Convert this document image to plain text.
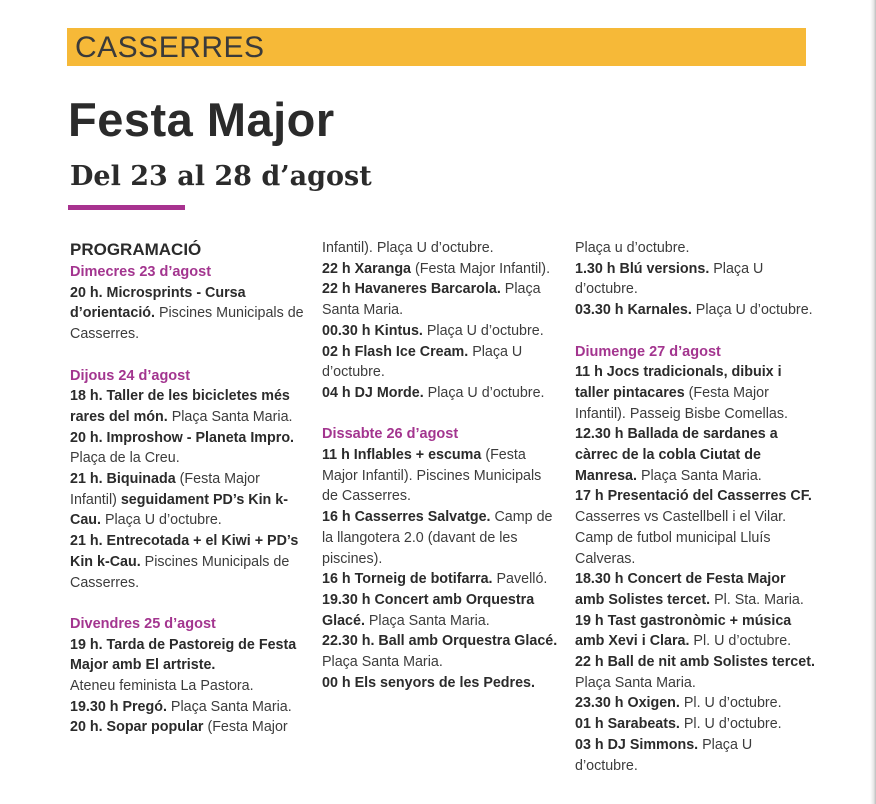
CASSERRES
Festa Major
Del 23 al 28 d’agost

PROGRAMACIÓ

Dimecres 23 d’agost

20 h. Microsprints - Cursa d’orientació. Piscines Municipals de Casserres.

Dijous 24 d’agost

18 h. Taller de les bicicletes més rares del món. Plaça Santa Maria.

20 h. Improshow - Planeta Impro. Plaça de la Creu.

21 h. Biquinada (Festa Major Infantil) seguidament PD’s Kin k-Cau. Plaça U d’octubre.

21 h. Entrecotada + el Kiwi + PD’s Kin k-Cau. Piscines Municipals de Casserres.

Divendres 25 d’agost

19 h. Tarda de Pastoreig de Festa Major amb El artriste.
Ateneu feminista La Pastora.

19.30 h Pregó. Plaça Santa Maria.

20 h. Sopar popular (Festa Major

Infantil). Plaça U d’octubre.

22 h Xaranga (Festa Major Infantil).

22 h Havaneres Barcarola. Plaça Santa Maria.

00.30 h Kintus. Plaça U d’octubre.

02 h Flash Ice Cream. Plaça U d’octubre.

04 h DJ Morde. Plaça U d’octubre.

Dissabte 26 d’agost

11 h Inflables + escuma (Festa Major Infantil). Piscines Municipals de Casserres.

16 h Casserres Salvatge. Camp de la llangotera 2.0 (davant de les piscines).

16 h Torneig de botifarra. Pavelló.

19.30 h Concert amb Orquestra Glacé. Plaça Santa Maria.

22.30 h. Ball amb Orquestra Glacé. Plaça Santa Maria.

00 h Els senyors de les Pedres.

Plaça u d’octubre.

1.30 h Blú versions. Plaça U d’octubre.

03.30 h Karnales. Plaça U d’octubre.

Diumenge 27 d’agost

11 h Jocs tradicionals, dibuix i taller pintacares (Festa Major Infantil). Passeig Bisbe Comellas.

12.30 h Ballada de sardanes a càrrec de la cobla Ciutat de Manresa. Plaça Santa Maria.

17 h Presentació del Casserres CF. Casserres vs Castellbell i el Vilar. Camp de futbol municipal Lluís Calveras.

18.30 h Concert de Festa Major amb Solistes tercet. Pl. Sta. Maria.

19 h Tast gastronòmic + música amb Xevi i Clara. Pl. U d’octubre.

22 h Ball de nit amb Solistes tercet. Plaça Santa Maria.

23.30 h Oxigen. Pl. U d’octubre.

01 h Sarabeats. Pl. U d’octubre.

03 h DJ Simmons. Plaça U d’octubre.
